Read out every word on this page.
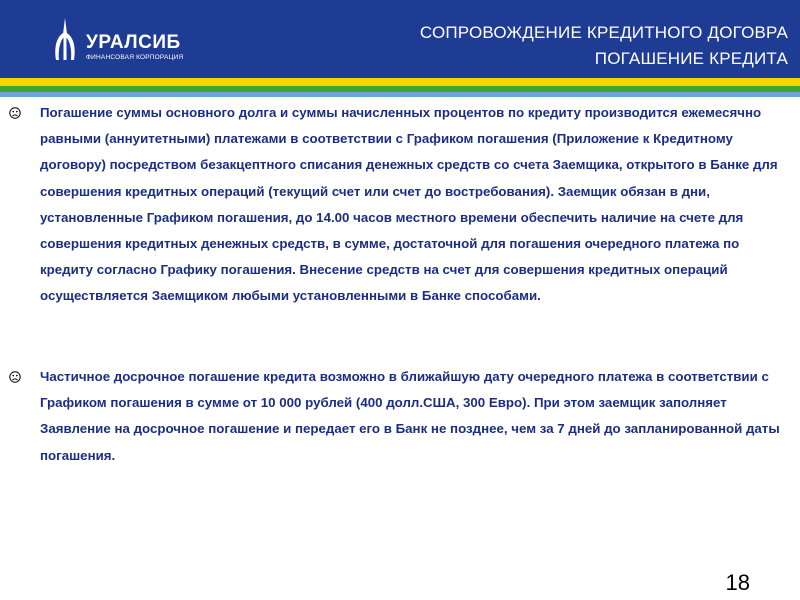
УРАЛСИБ
ФИНАНСОВАЯ КОРПОРАЦИЯ
СОПРОВОЖДЕНИЕ КРЕДИТНОГО ДОГОВРА
ПОГАШЕНИЕ КРЕДИТА
Погашение суммы основного долга и суммы начисленных процентов по кредиту производится ежемесячно равными (аннуитетными) платежами в соответствии с Графиком погашения (Приложение к Кредитному договору) посредством безакцептного списания денежных средств со счета Заемщика, открытого в Банке для совершения кредитных операций (текущий счет или счет до востребования). Заемщик обязан в дни, установленные Графиком погашения, до 14.00 часов местного времени обеспечить наличие на счете для совершения кредитных денежных средств, в сумме, достаточной для погашения очередного платежа по кредиту согласно Графику погашения. Внесение средств на счет для совершения кредитных операций осуществляется Заемщиком любыми установленными в Банке способами.
Частичное досрочное погашение кредита возможно в ближайшую дату очередного платежа в соответствии с Графиком погашения в сумме от 10 000 рублей (400 долл.США, 300 Евро). При этом заемщик заполняет Заявление на досрочное погашение и передает его в Банк не позднее, чем за 7 дней до запланированной даты погашения.
18
